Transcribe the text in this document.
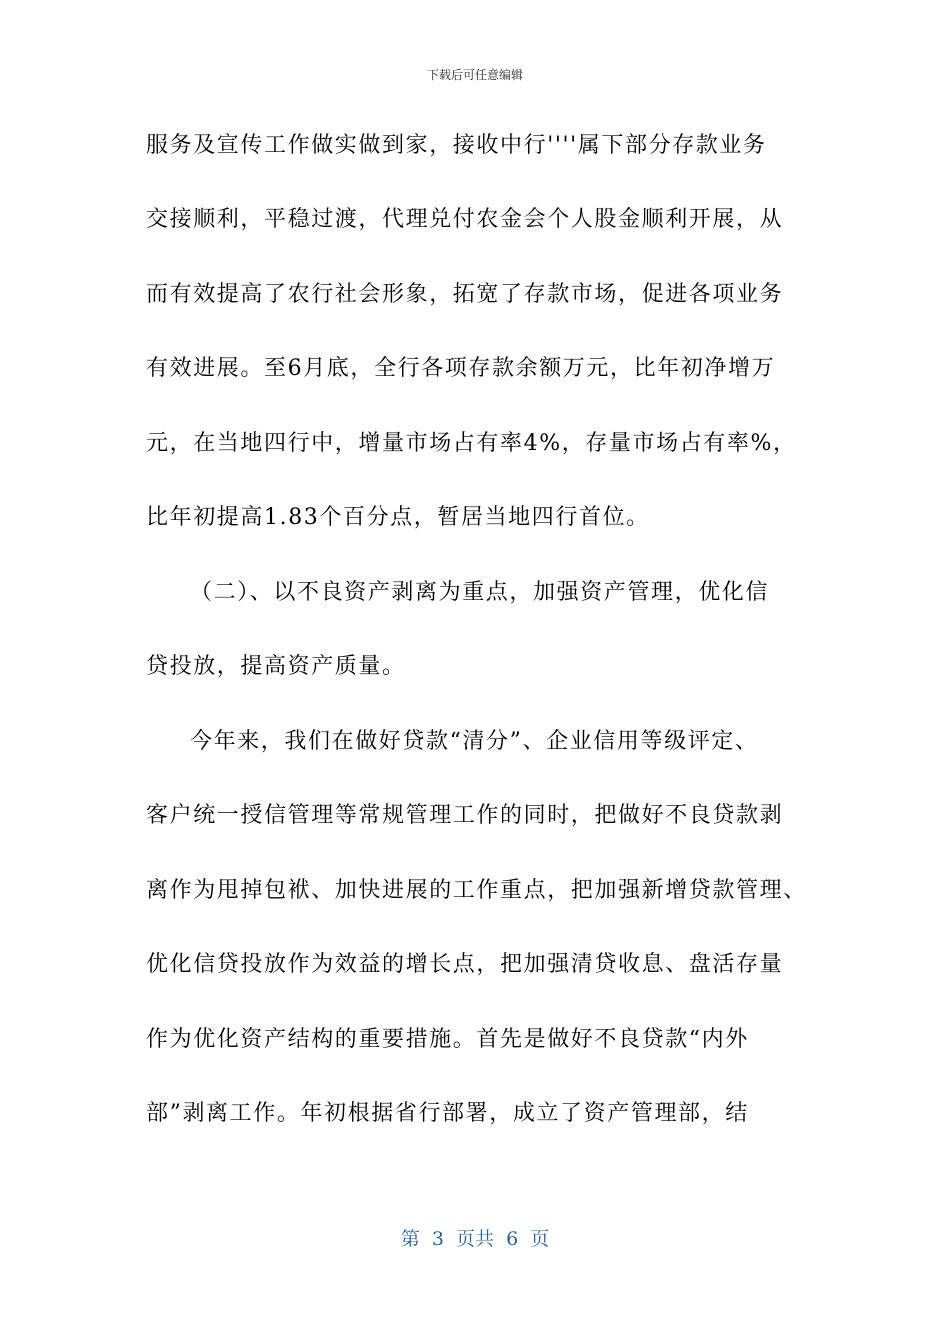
下载后可任意编辑
服务及宣传工作做实做到家，接收中行''''属下部分存款业务
交接顺利，平稳过渡，代理兑付农金会个人股金顺利开展，从
而有效提高了农行社会形象，拓宽了存款市场，促进各项业务
有效进展。至6月底，全行各项存款余额万元，比年初净增万
元，在当地四行中，增量市场占有率4%，存量市场占有率%，
比年初提高1.83个百分点，暂居当地四行首位。
（二）、以不良资产剥离为重点，加强资产管理，优化信
贷投放，提高资产质量。
今年来，我们在做好贷款“清分”、企业信用等级评定、
客户统一授信管理等常规管理工作的同时，把做好不良贷款剥
离作为甩掉包袱、加快进展的工作重点，把加强新增贷款管理、
优化信贷投放作为效益的增长点，把加强清贷收息、盘活存量
作为优化资产结构的重要措施。首先是做好不良贷款“内外
部”剥离工作。年初根据省行部署，成立了资产管理部，结
第  3  页共  6  页
